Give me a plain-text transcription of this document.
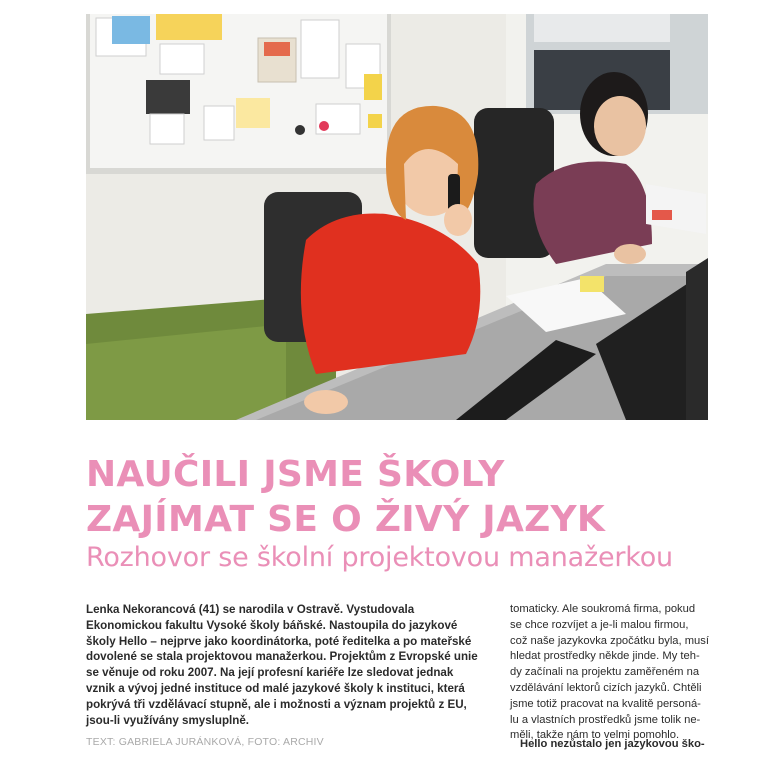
NAUČILI JSME ŠKOLY
ZAJÍMAT SE O ŽIVÝ JAZYK
Rozhovor se školní projektovou manažerkou

Lenka Nekorancová (41) se narodila v Ostravě. Vystudovala
Ekonomickou fakultu Vysoké školy báňské. Nastoupila do jazykové
školy Hello – nejprve jako koordinátorka, poté ředitelka a po mateřské
dovolené se stala projektovou manažerkou. Projektům z Evropské unie
se věnuje od roku 2007. Na její profesní kariéře lze sledovat jednak
vznik a vývoj jedné instituce od malé jazykové školy k instituci, která
pokrývá tři vzdělávací stupně, ale i možnosti a význam projektů z EU,
jsou-li využívány smysluplně.

TEXT: GABRIELA JURÁNKOVÁ, FOTO: ARCHIV

tomaticky. Ale soukromá firma, pokud
se chce rozvíjet a je-li malou firmou,
což naše jazykovka zpočátku byla, musí
hledat prostředky někde jinde. My teh-
dy začínali na projektu zaměřeném na
vzdělávání lektorů cizích jazyků. Chtěli
jsme totiž pracovat na kvalitě personá-
lu a vlastních prostředků jsme tolik ne-
měli, takže nám to velmi pomohlo.

Hello nezůstalo jen jazykovou ško-
